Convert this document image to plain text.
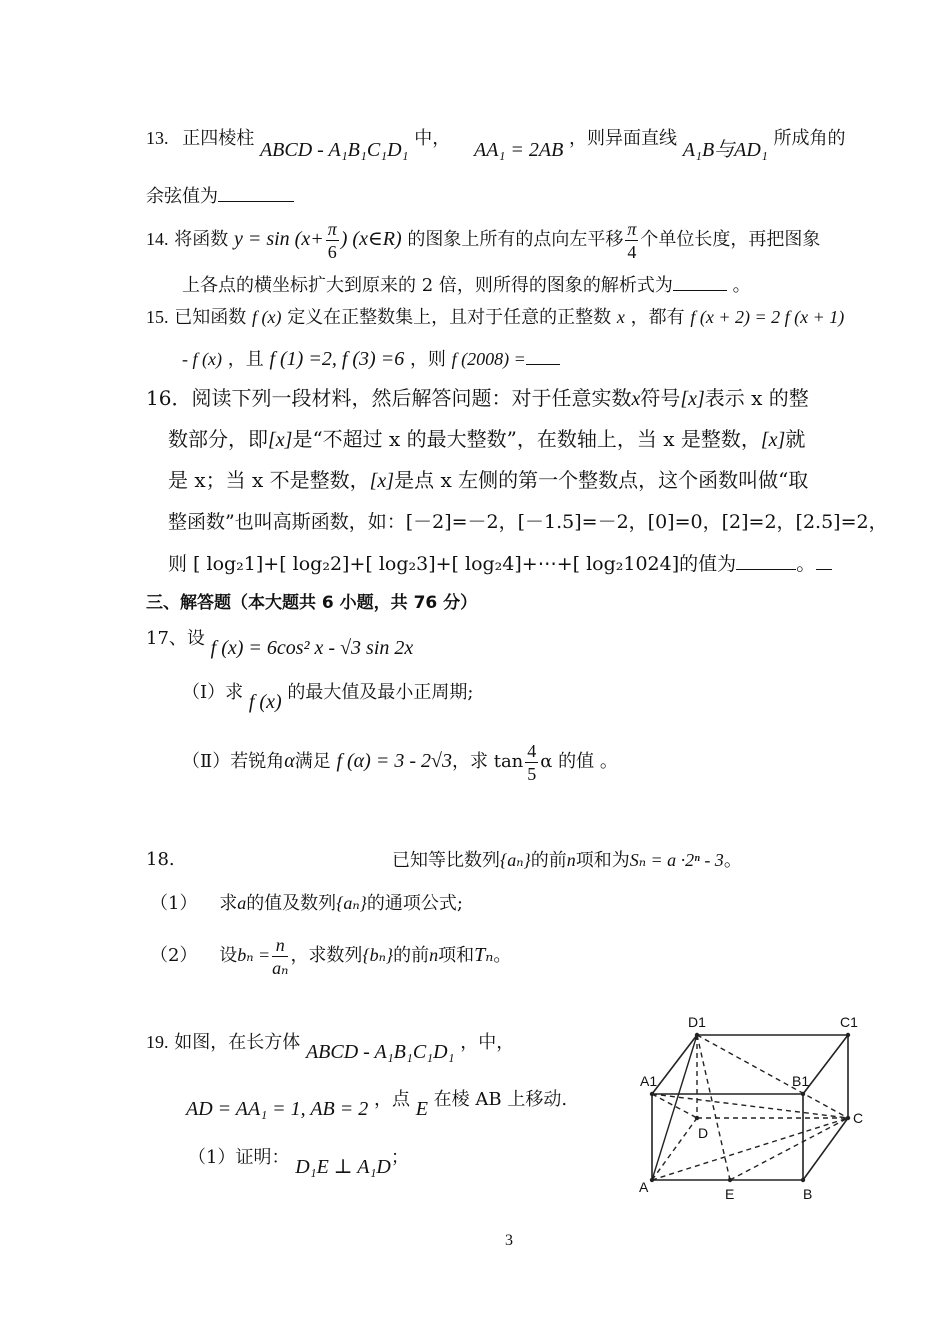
13. 正四棱柱 ABCD - A₁B₁C₁D₁ 中， AA₁ = 2AB ，则异面直线 A₁B与AD₁ 所成角的
余弦值为
14. 将函数 $y = \sin (x+ \frac{\pi}{6}$ ) (x∈R) 的图象上所有的点向左平移 $\frac{\pi}{4}$ 个单位长度，再把图象
上各点的横坐标扩大到原来的 2 倍，则所得的图象的解析式为	。
15. 已知函数 f (x) 定义在正整数集上，且对于任意的正整数 x ，都有 f (x + 2) = 2 f (x + 1)
- f (x) ，且 f (1) =2, f (3) =6 ，则 f (2008) =
16．阅读下列一段材料，然后解答问题：对于任意实数x符号[x]表示 x 的整
数部分，即[x]是“不超过 x 的最大整数”，在数轴上，当 x 是整数，[x]就
是 x；当 x 不是整数，[x]是点 x 左侧的第一个整数点，这个函数叫做“取
整函数”也叫高斯函数，如：[－2]=－2，[－1.5]=－2，[0]=0，[2]=2，[2.5]=2，
则 [ log₂1]+[ log₂2]+[ log₂3]+[ log₂4]+⋯+[ log₂1024]的值为	。
三、解答题（本大题共 6 小题，共 76 分）
17、设 f (x) = 6cos² x - √3 sin 2x
（Ⅰ）求 f (x) 的最大值及最小正周期;
（Ⅱ）若锐角α满足 f (α) = 3 - 2√3，求 $\tan \frac{4}{5}$ α 的值 。
18.	已知等比数列{aₙ}的前n项和为Sₙ = a ·2ⁿ - 3。
（1） 求a的值及数列{aₙ}的通项公式;
（2） 设$b_n = \frac{n}{\text{aₙ}}$ ，求数列{bₙ}的前n项和Tₙ。
19. 如图，在长方体 ABCD - A₁B₁C₁D₁ ，中，
AD = AA₁ = 1, AB = 2 ，点 E 在棱 AB 上移动.
（1）证明： D₁E ⊥ A₁D；
D1	C1
A1	B1
D
C
A	E	B
3
